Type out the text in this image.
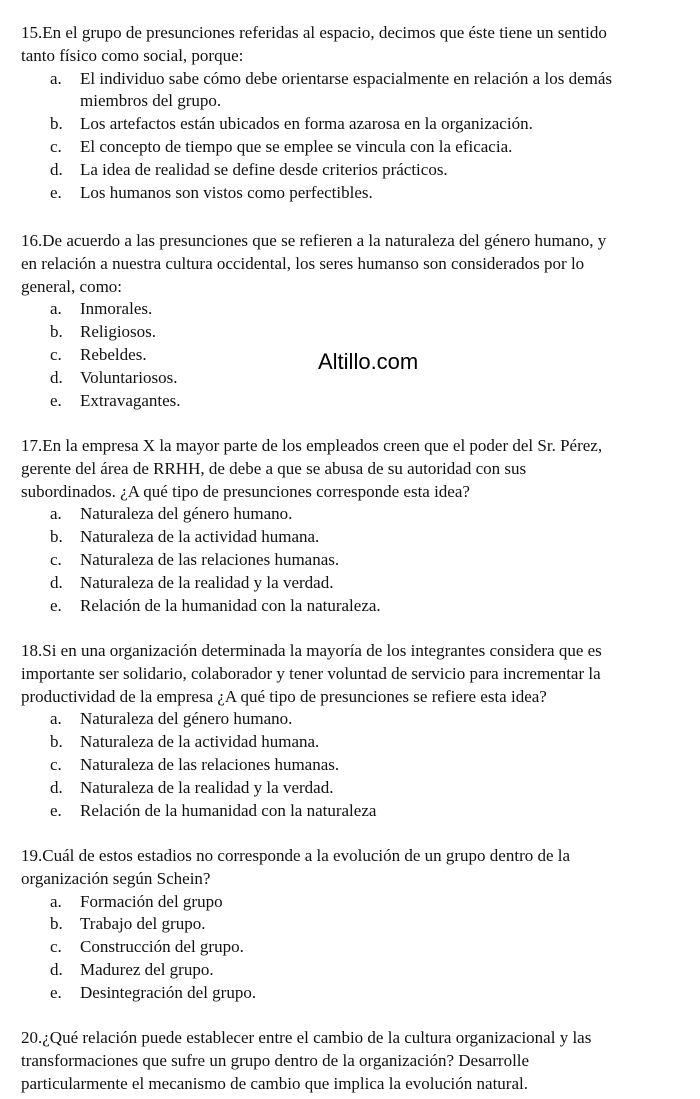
Altillo.com

15.En el grupo de presunciones referidas al espacio, decimos que éste tiene un sentido
tanto físico como social, porque:

a. El individuo sabe cómo debe orientarse espacialmente en relación a los demás
miembros del grupo.
b. Los artefactos están ubicados en forma azarosa en la organización.
c. El concepto de tiempo que se emplee se vincula con la eficacia.
d. La idea de realidad se define desde criterios prácticos.
e. Los humanos son vistos como perfectibles.

16.De acuerdo a las presunciones que se refieren a la naturaleza del género humano, y
en relación a nuestra cultura occidental, los seres humanso son considerados por lo
general, como:

a. Inmorales.
b. Religiosos.
c. Rebeldes.
d. Voluntariosos.
e. Extravagantes.

17.En la empresa X la mayor parte de los empleados creen que el poder del Sr. Pérez,
gerente del área de RRHH, de debe a que se abusa de su autoridad con sus
subordinados. ¿A qué tipo de presunciones corresponde esta idea?

a. Naturaleza del género humano.
b. Naturaleza de la actividad humana.
c. Naturaleza de las relaciones humanas.
d. Naturaleza de la realidad y la verdad.
e. Relación de la humanidad con la naturaleza.

18.Si en una organización determinada la mayoría de los integrantes considera que es
importante ser solidario, colaborador y tener voluntad de servicio para incrementar la
productividad de la empresa ¿A qué tipo de presunciones se refiere esta idea?

a. Naturaleza del género humano.
b. Naturaleza de la actividad humana.
c. Naturaleza de las relaciones humanas.
d. Naturaleza de la realidad y la verdad.
e. Relación de la humanidad con la naturaleza

19.Cuál de estos estadios no corresponde a la evolución de un grupo dentro de la
organización según Schein?

a. Formación del grupo
b. Trabajo del grupo.
c. Construcción del grupo.
d. Madurez del grupo.
e. Desintegración del grupo.

20.¿Qué relación puede establecer entre el cambio de la cultura organizacional y las
transformaciones que sufre un grupo dentro de la organización? Desarrolle
particularmente el mecanismo de cambio que implica la evolución natural.
